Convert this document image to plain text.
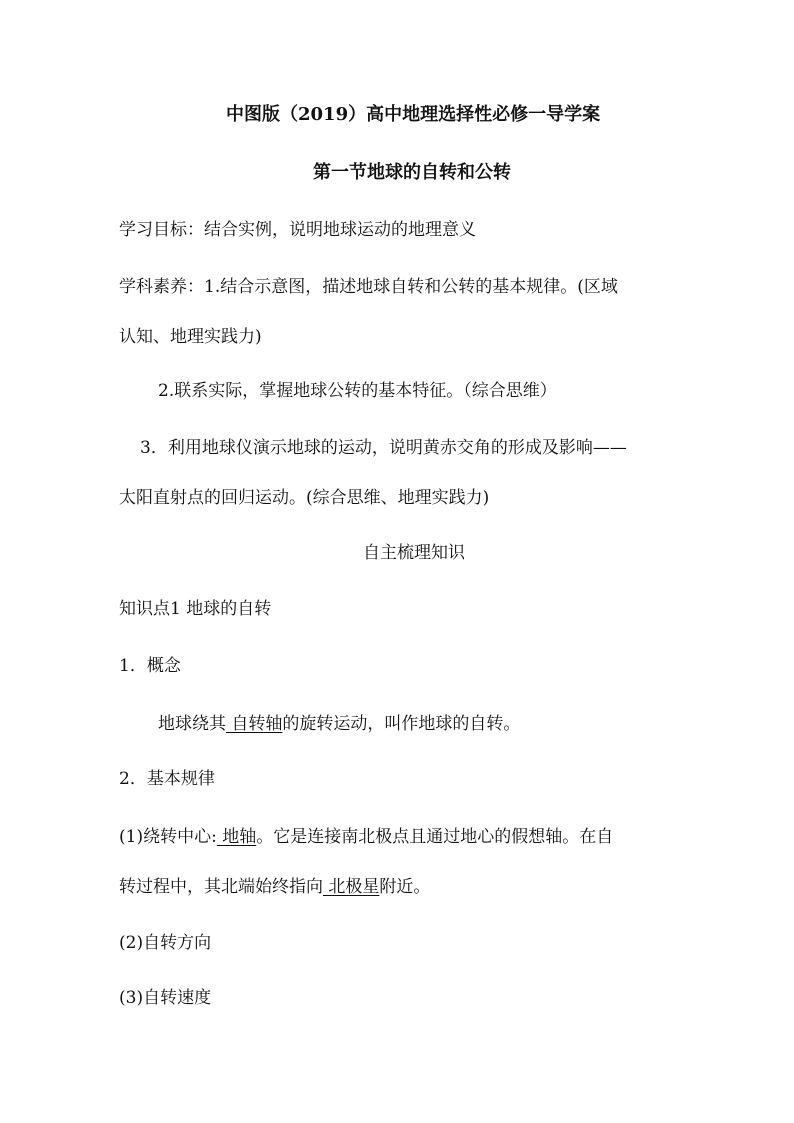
中图版（2019）高中地理选择性必修一导学案

第一节地球的自转和公转

学习目标：结合实例，说明地球运动的地理意义

学科素养：1.结合示意图，描述地球自转和公转的基本规律。(区域

认知、地理实践力)

2.联系实际，掌握地球公转的基本特征。（综合思维）

3．利用地球仪演示地球的运动，说明黄赤交角的形成及影响——

太阳直射点的回归运动。(综合思维、地理实践力)

自主梳理知识

知识点1 地球的自转

1．概念

地球绕其 自转轴的旋转运动，叫作地球的自转。

2．基本规律

(1)绕转中心: 地轴。它是连接南北极点且通过地心的假想轴。在自

转过程中，其北端始终指向 北极星附近。

(2)自转方向

(3)自转速度
